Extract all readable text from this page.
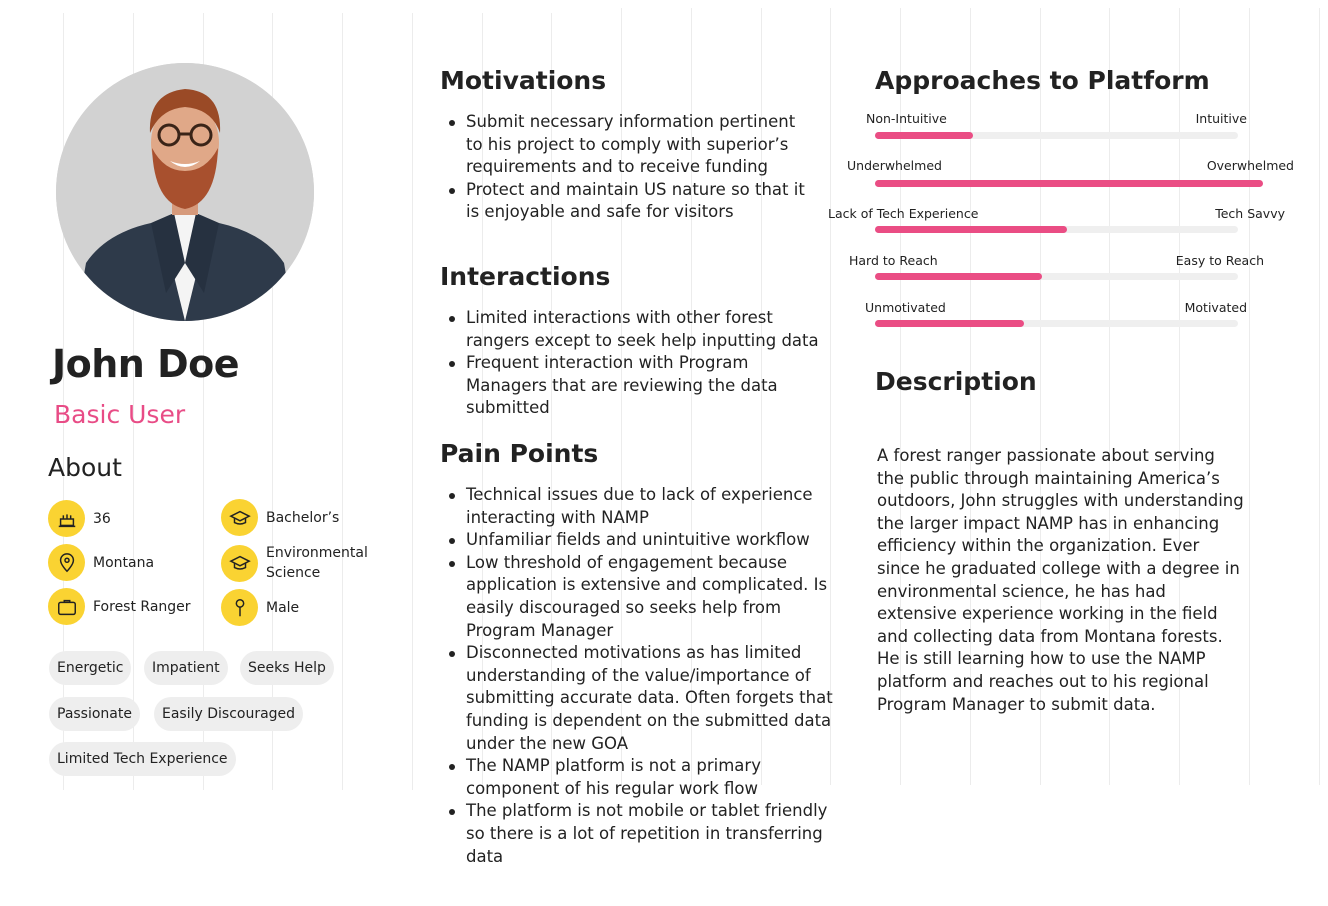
John Doe
Basic User
About
36
Montana
Forest Ranger
Bachelor’s
Environmental Science
Male
Energetic	Impatient	Seeks Help
Passionate	Easily Discouraged
Limited Tech Experience
Motivations
Submit necessary information pertinent to his project to comply with superior’s requirements and to receive funding
Protect and maintain US nature so that it is enjoyable and safe for visitors
Interactions
Limited interactions with other forest rangers except to seek help inputting data
Frequent interaction with Program Managers that are reviewing the data submitted
Pain Points
Technical issues due to lack of experience interacting with NAMP
Unfamiliar fields and unintuitive workflow
Low threshold of engagement because application is extensive and complicated. Is easily discouraged so seeks help from Program Manager
Disconnected motivations as has limited understanding of the value/importance of submitting accurate data. Often forgets that funding is dependent on the submitted data under the new GOA
The NAMP platform is not a primary component of his regular work flow
The platform is not mobile or tablet friendly so there is a lot of repetition in transferring data
Approaches to Platform
Non-Intuitive	Intuitive
Underwhelmed	Overwhelmed
Lack of Tech Experience	Tech Savvy
Hard to Reach	Easy to Reach
Unmotivated	Motivated
Description
A forest ranger passionate about serving the public through maintaining America’s outdoors, John struggles with understanding the larger impact NAMP has in enhancing efficiency within the organization. Ever since he graduated college with a degree in environmental science, he has had extensive experience working in the field and collecting data from Montana forests. He is still learning how to use the NAMP platform and reaches out to his regional Program Manager to submit data.
